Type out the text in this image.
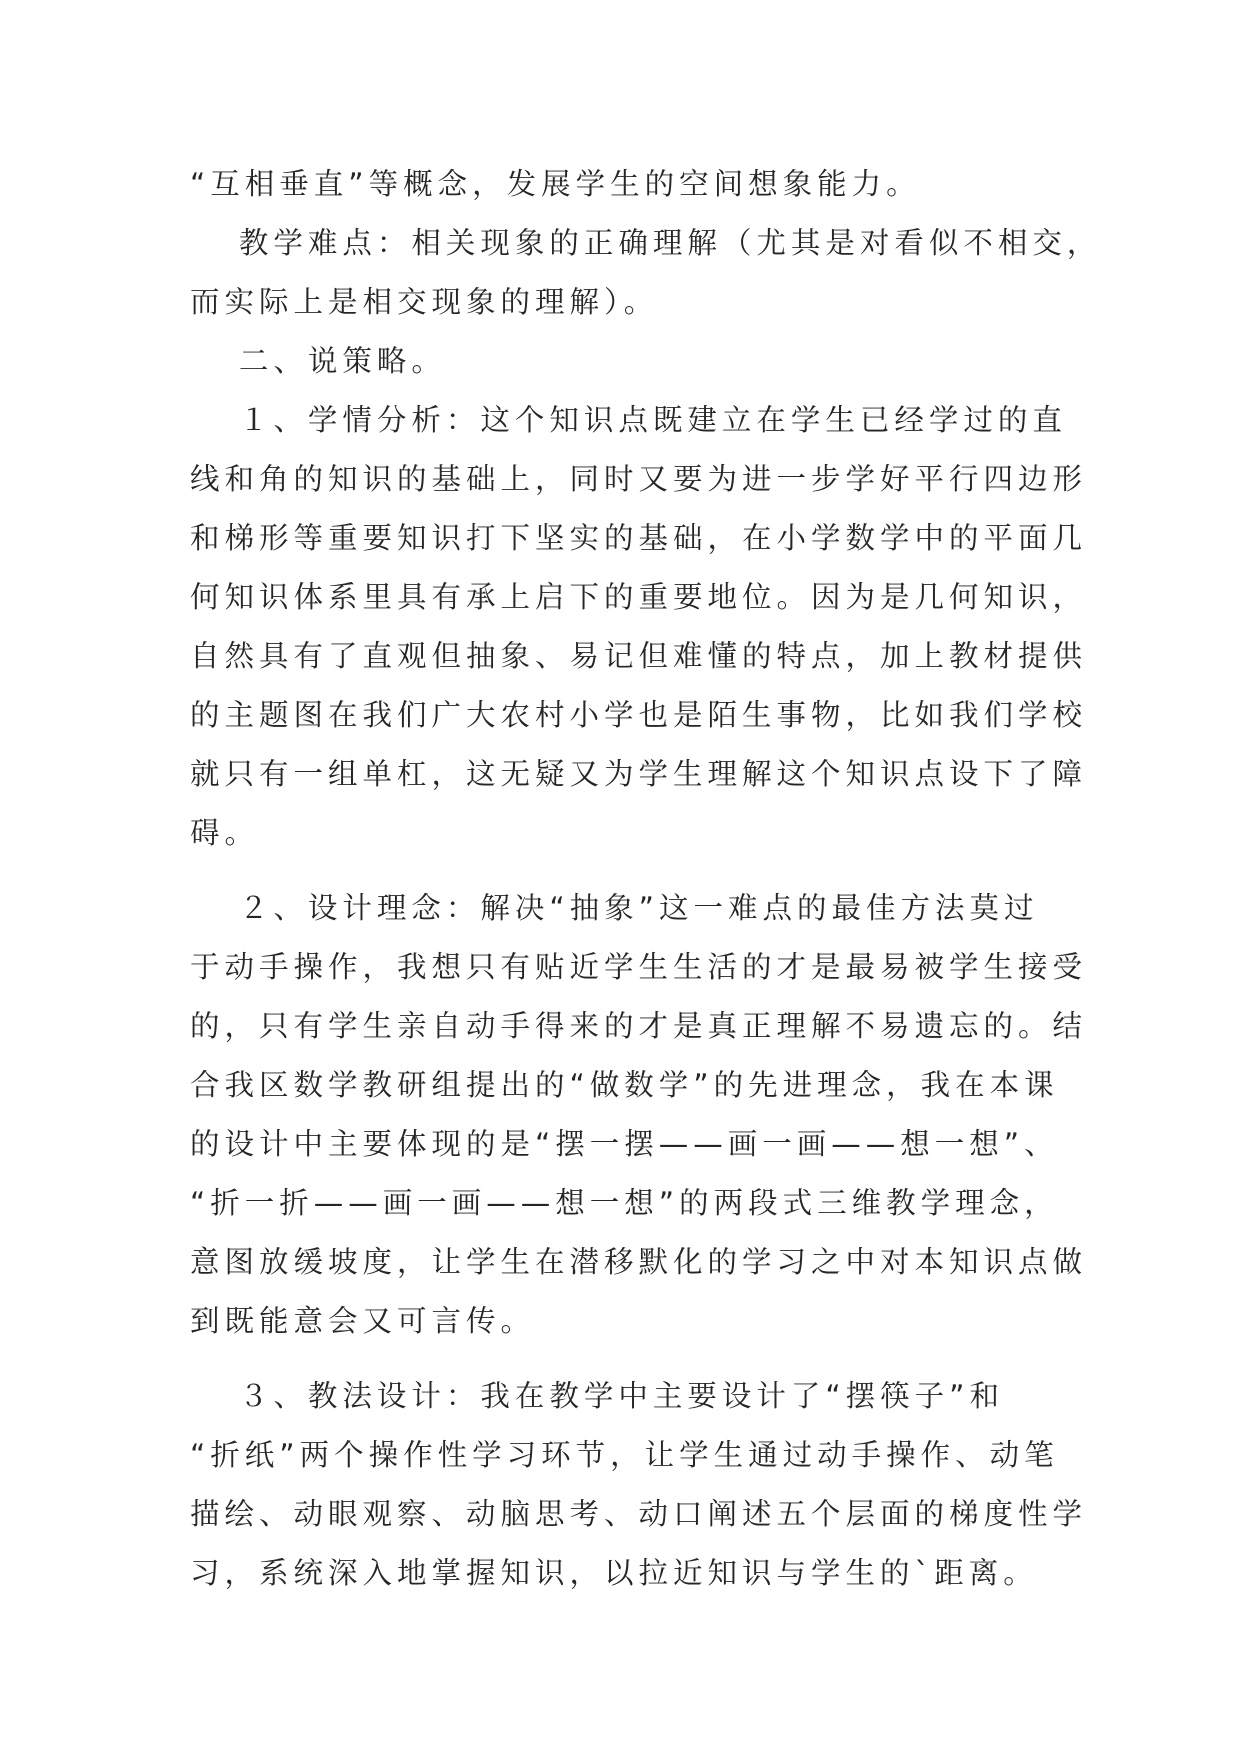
“互相垂直”等概念，发展学生的空间想象能力。
　 教学难点：相关现象的正确理解（尤其是对看似不相交，
而实际上是相交现象的理解）。
　 二、说策略。
　 １、学情分析：这个知识点既建立在学生已经学过的直
线和角的知识的基础上，同时又要为进一步学好平行四边形
和梯形等重要知识打下坚实的基础，在小学数学中的平面几
何知识体系里具有承上启下的重要地位。因为是几何知识，
自然具有了直观但抽象、易记但难懂的特点，加上教材提供
的主题图在我们广大农村小学也是陌生事物，比如我们学校
就只有一组单杠，这无疑又为学生理解这个知识点设下了障
碍。
　 ２、设计理念：解决“抽象”这一难点的最佳方法莫过
于动手操作，我想只有贴近学生生活的才是最易被学生接受
的，只有学生亲自动手得来的才是真正理解不易遗忘的。结
合我区数学教研组提出的“做数学”的先进理念，我在本课
的设计中主要体现的是“摆一摆——画一画——想一想”、
“折一折——画一画——想一想”的两段式三维教学理念，
意图放缓坡度，让学生在潜移默化的学习之中对本知识点做
到既能意会又可言传。
　 ３、教法设计：我在教学中主要设计了“摆筷子”和
“折纸”两个操作性学习环节，让学生通过动手操作、动笔
描绘、动眼观察、动脑思考、动口阐述五个层面的梯度性学
习，系统深入地掌握知识，以拉近知识与学生的`距离。
